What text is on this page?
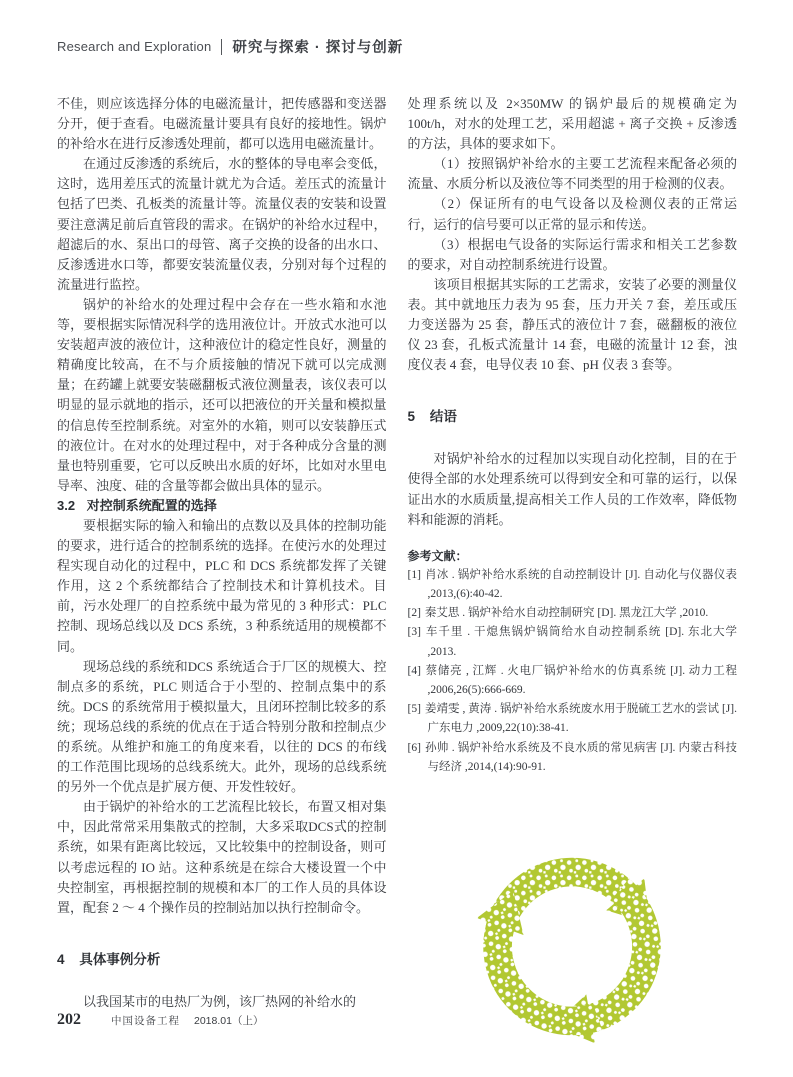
Research and Exploration 研究与探索 · 探讨与创新

不佳，则应该选择分体的电磁流量计，把传感器和变送器分开，便于查看。电磁流量计要具有良好的接地性。锅炉的补给水在进行反渗透处理前，都可以选用电磁流量计。

在通过反渗透的系统后，水的整体的导电率会变低，这时，选用差压式的流量计就尤为合适。差压式的流量计包括了巴类、孔板类的流量计等。流量仪表的安装和设置要注意满足前后直管段的需求。在锅炉的补给水过程中，超滤后的水、泵出口的母管、离子交换的设备的出水口、反渗透进水口等，都要安装流量仪表，分别对每个过程的流量进行监控。

锅炉的补给水的处理过程中会存在一些水箱和水池等，要根据实际情况科学的选用液位计。开放式水池可以安装超声波的液位计，这种液位计的稳定性良好，测量的精确度比较高，在不与介质接触的情况下就可以完成测量；在药罐上就要安装磁翻板式液位测量表，该仪表可以明显的显示就地的指示，还可以把液位的开关量和模拟量的信息传至控制系统。对室外的水箱，则可以安装静压式的液位计。在对水的处理过程中，对于各种成分含量的测量也特别重要，它可以反映出水质的好坏，比如对水里电导率、浊度、硅的含量等都会做出具体的显示。

3.2 对控制系统配置的选择

要根据实际的输入和输出的点数以及具体的控制功能的要求，进行适合的控制系统的选择。在使污水的处理过程实现自动化的过程中，PLC 和 DCS 系统都发挥了关键作用，这 2 个系统都结合了控制技术和计算机技术。目前，污水处理厂的自控系统中最为常见的 3 种形式：PLC 控制、现场总线以及 DCS 系统，3 种系统适用的规模都不同。

现场总线的系统和DCS 系统适合于厂区的规模大、控制点多的系统，PLC 则适合于小型的、控制点集中的系统。DCS 的系统常用于模拟量大，且闭环控制比较多的系统；现场总线的系统的优点在于适合特别分散和控制点少的系统。从维护和施工的角度来看，以往的 DCS 的布线的工作范围比现场的总线系统大。此外，现场的总线系统的另外一个优点是扩展方便、开发性较好。

由于锅炉的补给水的工艺流程比较长，布置又相对集中，因此常常采用集散式的控制，大多采取DCS式的控制系统，如果有距离比较远，又比较集中的控制设备，则可以考虑远程的 IO 站。这种系统是在综合大楼设置一个中央控制室，再根据控制的规模和本厂的工作人员的具体设置，配套 2 ～ 4 个操作员的控制站加以执行控制命令。

4 具体事例分析

以我国某市的电热厂为例，该厂热网的补给水的

处理系统以及 2×350MW 的锅炉最后的规模确定为 100t/h，对水的处理工艺，采用超滤 + 离子交换 + 反渗透的方法，具体的要求如下。

（1）按照锅炉补给水的主要工艺流程来配备必须的流量、水质分析以及液位等不同类型的用于检测的仪表。

（2）保证所有的电气设备以及检测仪表的正常运行，运行的信号要可以正常的显示和传送。

（3）根据电气设备的实际运行需求和相关工艺参数的要求，对自动控制系统进行设置。

该项目根据其实际的工艺需求，安装了必要的测量仪表。其中就地压力表为 95 套，压力开关 7 套，差压或压力变送器为 25 套，静压式的液位计 7 套，磁翻板的液位仪 23 套，孔板式流量计 14 套，电磁的流量计 12 套，浊度仪表 4 套，电导仪表 10 套、pH 仪表 3 套等。

5 结语

对锅炉补给水的过程加以实现自动化控制，目的在于使得全部的水处理系统可以得到安全和可靠的运行，以保证出水的水质质量,提高相关工作人员的工作效率，降低物料和能源的消耗。

参考文献：
[1] 肖冰 . 锅炉补给水系统的自动控制设计 [J]. 自动化与仪器仪表 ,2013,(6):40-42.
[2] 秦艾思 . 锅炉补给水自动控制研究 [D]. 黑龙江大学 ,2010.
[3] 车千里 . 干熄焦锅炉锅筒给水自动控制系统 [D]. 东北大学 ,2013.
[4] 蔡储亮 , 江辉 . 火电厂锅炉补给水的仿真系统 [J]. 动力工程 ,2006,26(5):666-669.
[5] 姜靖雯 , 黄涛 . 锅炉补给水系统废水用于脱硫工艺水的尝试 [J]. 广东电力 ,2009,22(10):38-41.
[6] 孙帅 . 锅炉补给水系统及不良水质的常见病害 [J]. 内蒙古科技与经济 ,2014,(14):90-91.
202	中国设备工程 2018.01（上）
